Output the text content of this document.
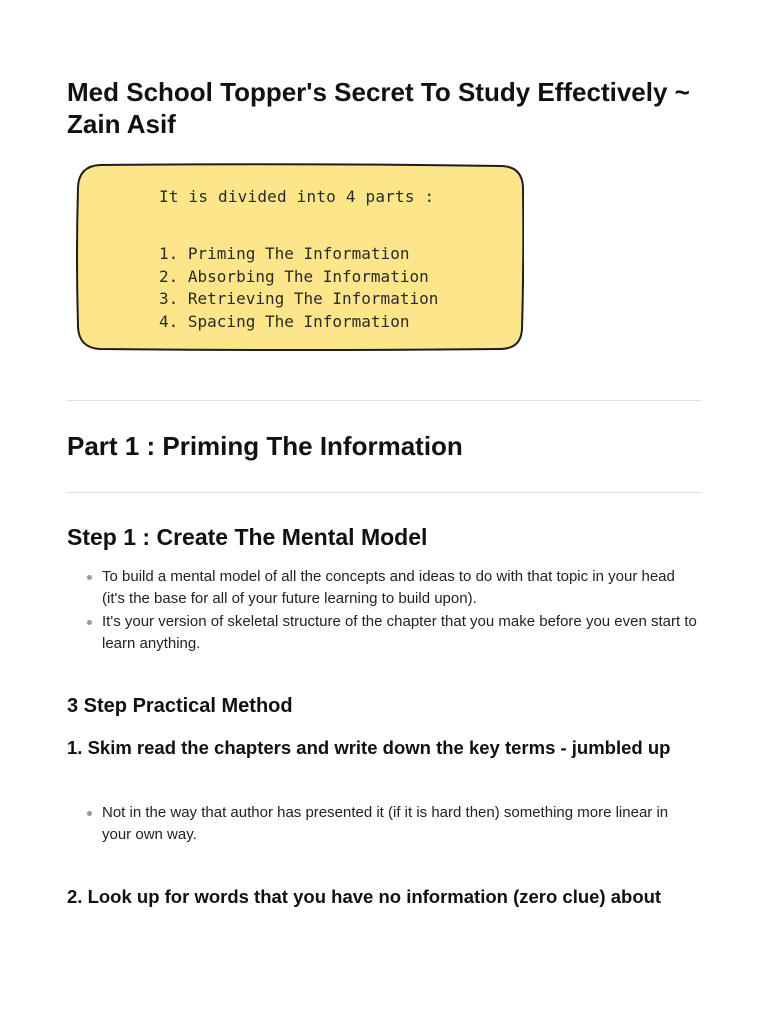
Med School Topper's Secret To Study Effectively ~ Zain Asif
It is divided into 4 parts :
1. Priming The Information
2. Absorbing The Information
3. Retrieving The Information
4. Spacing The Information
Part 1 : Priming The Information
Step 1 : Create The Mental Model
To build a mental model of all the concepts and ideas to do with that topic in your head (it's the base for all of your future learning to build upon).
It's your version of skeletal structure of the chapter that you make before you even start to learn anything.
3 Step Practical Method
1. Skim read the chapters and write down the key terms - jumbled up
Not in the way that author has presented it (if it is hard then) something more linear in your own way.
2. Look up for words that you have no information (zero clue) about
